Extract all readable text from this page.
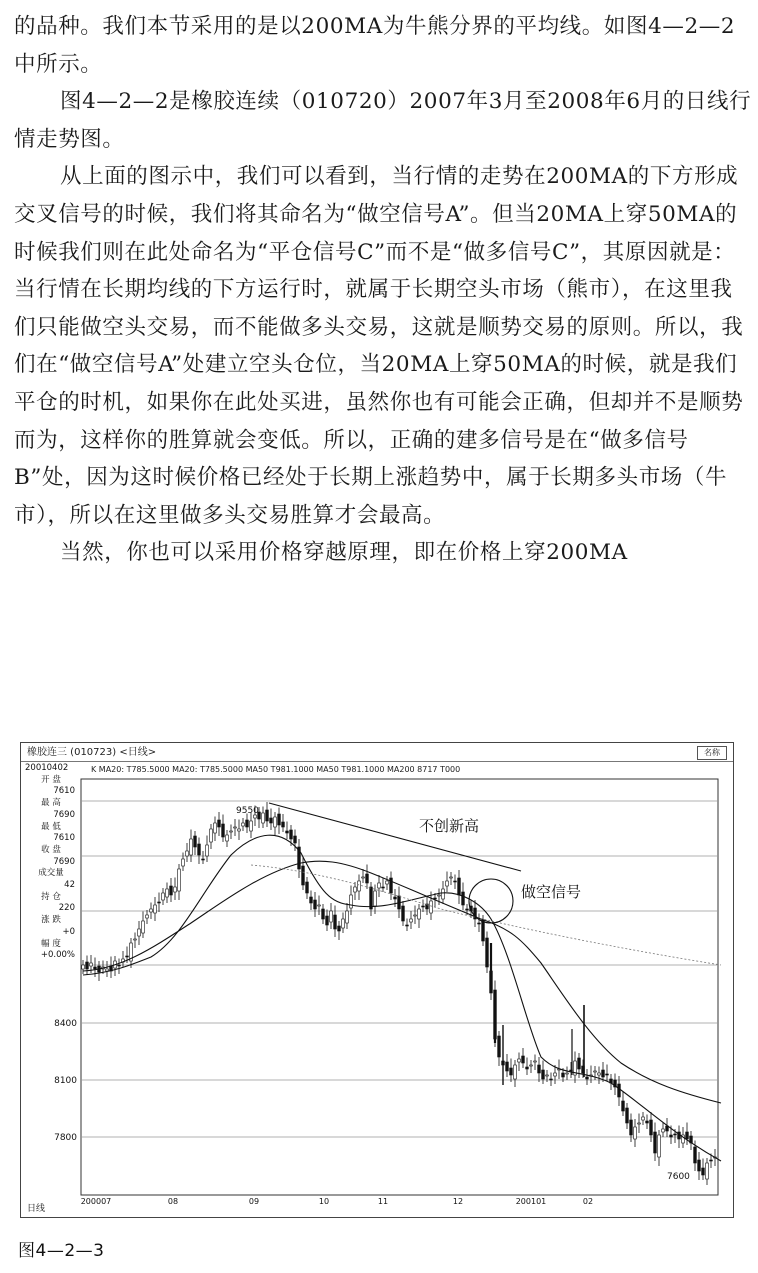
的品种。我们本节采用的是以200MA为牛熊分界的平均线。如图4—2—2中所示。

图4—2—2是橡胶连续（010720）2007年3月至2008年6月的日线行情走势图。

从上面的图示中，我们可以看到，当行情的走势在200MA的下方形成交叉信号的时候，我们将其命名为“做空信号A”。但当20MA上穿50MA的时候我们则在此处命名为“平仓信号C”而不是“做多信号C”，其原因就是：当行情在长期均线的下方运行时，就属于长期空头市场（熊市），在这里我们只能做空头交易，而不能做多头交易，这就是顺势交易的原则。所以，我们在“做空信号A”处建立空头仓位，当20MA上穿50MA的时候，就是我们平仓的时机，如果你在此处买进，虽然你也有可能会正确，但却并不是顺势而为，这样你的胜算就会变低。所以，正确的建多信号是在“做多信号B”处，因为这时候价格已经处于长期上涨趋势中，属于长期多头市场（牛市），所以在这里做多头交易胜算才会最高。

当然，你也可以采用价格穿越原理，即在价格上穿200MA

橡胶连三 (010723) <日线>	名称
K MA20: T785.5000 MA20: T785.5000 MA50 T981.1000 MA50 T981.1000 MA200 8717 T000
20010402
开 盘
7610
最 高
7690
最 低
7610
收 盘
7690
成交量
42
持 仓
220
涨 跌
+0
幅 度
+0.00%
8400
8100
7800
200007	08	09	10	11	12	200101	02
不创新高
做空信号
9550
7600
日线
图4—2—3
